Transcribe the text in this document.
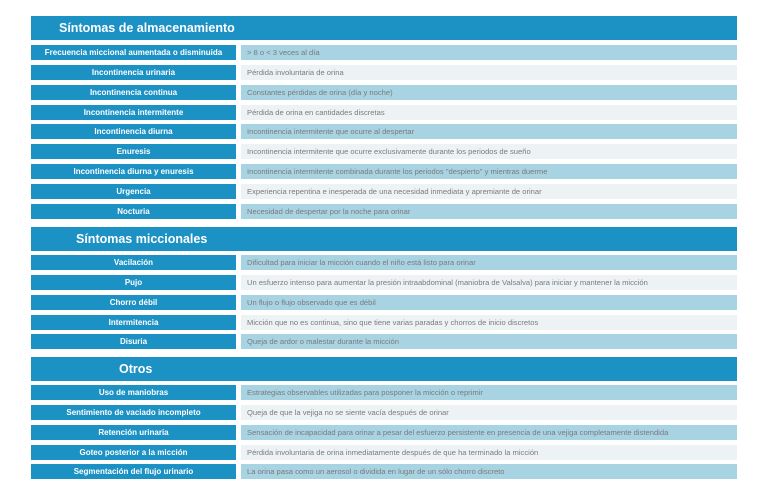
Síntomas de almacenamiento
Frecuencia miccional aumentada o disminuida	> 8 o < 3 veces al día
Incontinencia urinaria	Pérdida involuntaria de orina
Incontinencia continua	Constantes pérdidas de orina (día y noche)
Incontinencia intermitente	Pérdida de orina en cantidades discretas
Incontinencia diurna	Incontinencia intermitente que ocurre al despertar
Enuresis	Incontinencia intermitente que ocurre exclusivamente durante los periodos de sueño
Incontinencia diurna y enuresis	Incontinencia intermitente combinada durante los periodos "despierto" y mientras duerme
Urgencia	Experiencia repentina e inesperada de una necesidad inmediata y apremiante de orinar
Nocturia	Necesidad de despertar por la noche para orinar
Síntomas miccionales
Vacilación	Dificultad para iniciar la micción cuando el niño está listo para orinar
Pujo	Un esfuerzo intenso para aumentar la presión intraabdominal (maniobra de Valsalva) para iniciar y mantener la micción
Chorro débil	Un flujo o flujo observado que es débil
Intermitencia	Micción que no es continua, sino que tiene varias paradas y chorros de inicio discretos
Disuria	Queja de ardor o malestar durante la micción
Otros
Uso de maniobras	Estrategias observables utilizadas para posponer la micción o reprimir
Sentimiento de vaciado incompleto	Queja de que la vejiga no se siente vacía después de orinar
Retención urinaria	Sensación de incapacidad para orinar a pesar del esfuerzo persistente en presencia de una vejiga completamente distendida
Goteo posterior a la micción	Pérdida involuntaria de orina inmediatamente después de que ha terminado la micción
Segmentación del flujo urinario	La orina pasa como un aerosol o dividida en lugar de un sólo chorro discreto
